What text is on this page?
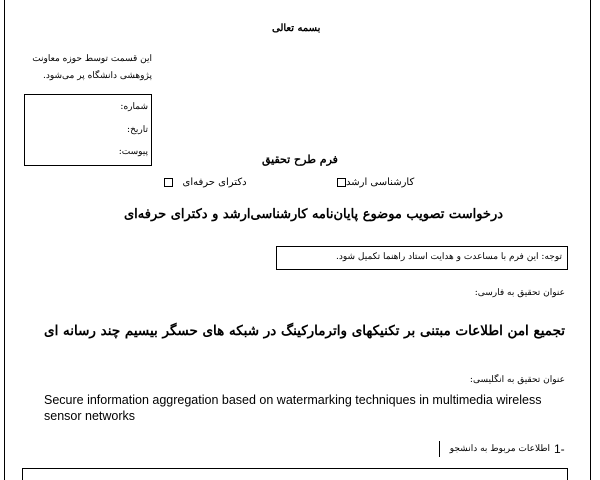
بسمه تعالی
این قسمت توسط حوزه معاونت
پژوهشی دانشگاه پر می‌شود.
شماره:
تاریخ:
پیوست:
فرم طرح تحقیق
کارشناسی ارشد
دکترای حرفه‌ای
درخواست تصویب موضوع پایان‌نامه کارشناسی‌ارشد و دکترای حرفه‌ای
توجه: این فرم با مساعدت و هدایت استاد راهنما تکمیل شود.
عنوان تحقیق به فارسی:
تجمیع امن اطلاعات مبتنی بر تکنیکهای واترمارکینگ در شبکه های حسگر بیسیم چند رسانه ای
عنوان تحقیق به انگلیسی:
Secure information aggregation based on watermarking techniques in multimedia wireless
sensor networks
1-
اطلاعات مربوط به دانشجو
